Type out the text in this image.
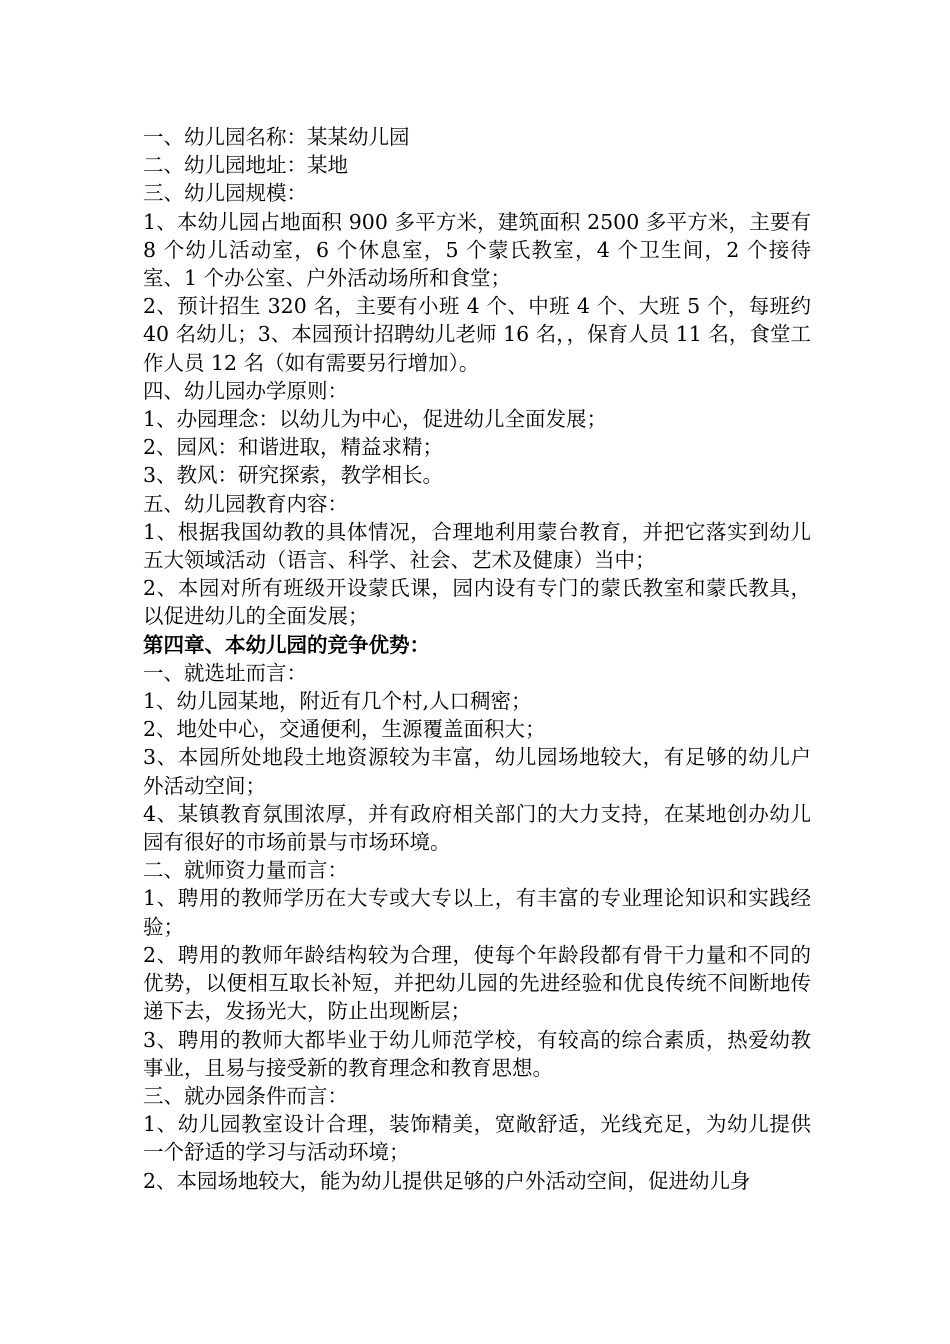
一、幼儿园名称：某某幼儿园

二、幼儿园地址：某地

三、幼儿园规模：

1、本幼儿园占地面积 900 多平方米，建筑面积 2500 多平方米，主要有 8 个幼儿活动室，6 个休息室，5 个蒙氏教室，4 个卫生间，2 个接待室、1 个办公室、户外活动场所和食堂；

2、预计招生 320 名，主要有小班 4 个、中班 4 个、大班 5 个，每班约 40 名幼儿；3、本园预计招聘幼儿老师 16 名，，保育人员 11 名，食堂工作人员 12 名（如有需要另行增加）。

四、幼儿园办学原则：

1、办园理念：以幼儿为中心，促进幼儿全面发展；

2、园风：和谐进取，精益求精；

3、教风：研究探索，教学相长。

五、幼儿园教育内容：

1、根据我国幼教的具体情况，合理地利用蒙台教育，并把它落实到幼儿五大领域活动（语言、科学、社会、艺术及健康）当中；

2、本园对所有班级开设蒙氏课，园内设有专门的蒙氏教室和蒙氏教具，以促进幼儿的全面发展；

第四章、本幼儿园的竞争优势：

一、就选址而言：

1、幼儿园某地，附近有几个村,人口稠密；

2、地处中心，交通便利，生源覆盖面积大；

3、本园所处地段土地资源较为丰富，幼儿园场地较大，有足够的幼儿户外活动空间；

4、某镇教育氛围浓厚，并有政府相关部门的大力支持，在某地创办幼儿园有很好的市场前景与市场环境。

二、就师资力量而言：

1、聘用的教师学历在大专或大专以上，有丰富的专业理论知识和实践经验；

2、聘用的教师年龄结构较为合理，使每个年龄段都有骨干力量和不同的优势，以便相互取长补短，并把幼儿园的先进经验和优良传统不间断地传递下去，发扬光大，防止出现断层；

3、聘用的教师大都毕业于幼儿师范学校，有较高的综合素质，热爱幼教事业，且易与接受新的教育理念和教育思想。

三、就办园条件而言：

1、幼儿园教室设计合理，装饰精美，宽敞舒适，光线充足，为幼儿提供一个舒适的学习与活动环境；

2、本园场地较大，能为幼儿提供足够的户外活动空间，促进幼儿身
